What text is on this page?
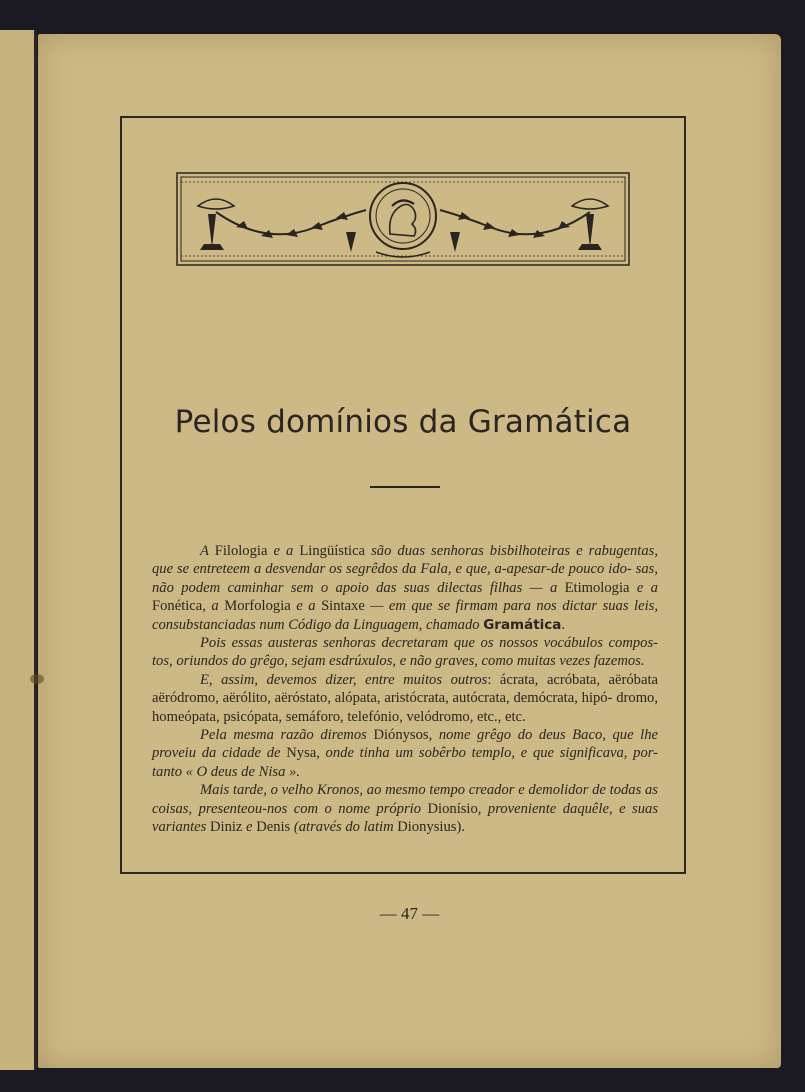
Pelos domínios da Gramática

A Filologia e a Lingüística são duas senhoras bisbilhoteiras e rabugentas, que se entreteem a desvendar os segrêdos da Fala, e que, a-apesar-de pouco ido- sas, não podem caminhar sem o apoio das suas dilectas filhas — a Etimologia e a Fonética, a Morfologia e a Sintaxe — em que se firmam para nos dictar suas leis, consubstanciadas num Código da Linguagem, chamado Gramática.

Pois essas austeras senhoras decretaram que os nossos vocábulos compos- tos, oriundos do grêgo, sejam esdrúxulos, e não graves, como muitas vezes fazemos.

E, assim, devemos dizer, entre muitos outros: ácrata, acróbata, aëróbata aëródromo, aërólito, aëróstato, alópata, aristócrata, autócrata, demócrata, hipó- dromo, homeópata, psicópata, semáforo, telefónio, velódromo, etc., etc.

Pela mesma razão diremos Diónysos, nome grêgo do deus Baco, que lhe proveiu da cidade de Nysa, onde tinha um sobêrbo templo, e que significava, por- tanto « O deus de Nisa ».

Mais tarde, o velho Kronos, ao mesmo tempo creador e demolidor de todas as coisas, presenteou-nos com o nome próprio Dionísio, proveniente daquêle, e suas variantes Diniz e Denis (através do latim Dionysius).

— 47 —
